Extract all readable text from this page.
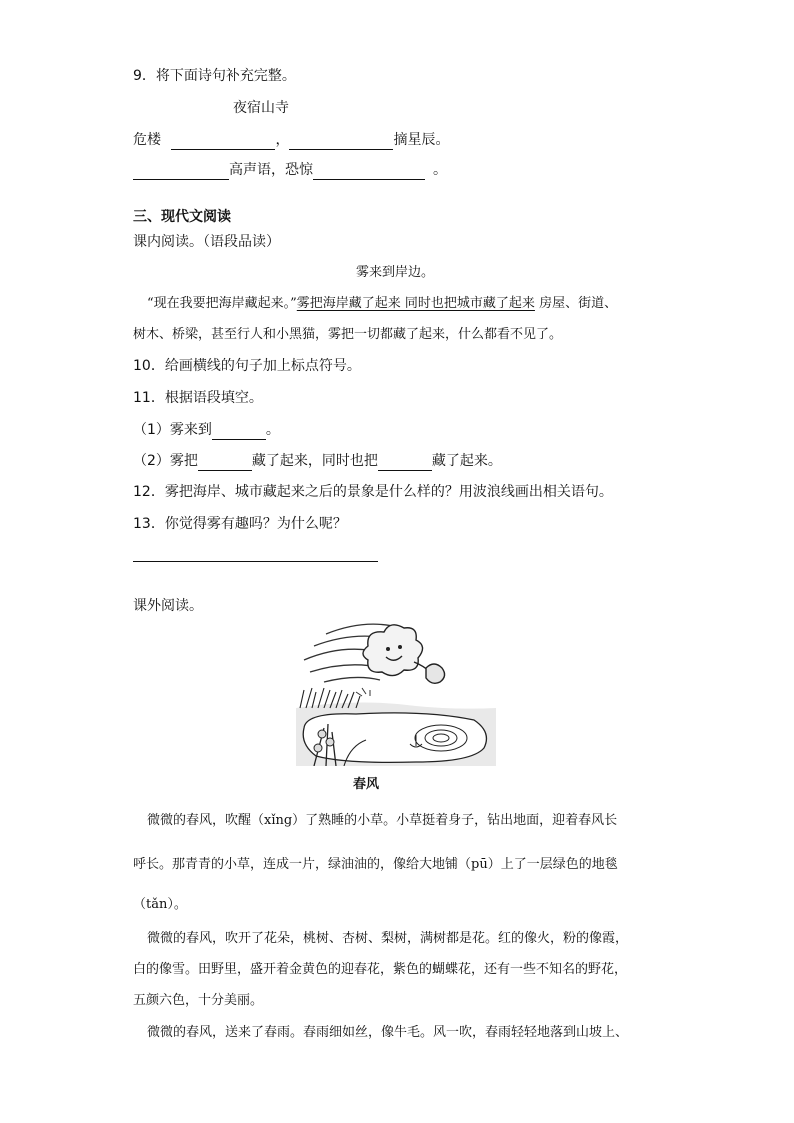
9．将下面诗句补充完整。
夜宿山寺
危楼	，	摘星辰。
高声语，恐惊	。
三、现代文阅读
课内阅读。（语段品读）
雾来到岸边。
“现在我要把海岸藏起来。”雾把海岸藏了起来 同时也把城市藏了起来 房屋、街道、
树木、桥梁，甚至行人和小黑猫，雾把一切都藏了起来，什么都看不见了。
10．给画横线的句子加上标点符号。
11．根据语段填空。
（1）雾来到	。
（2）雾把	藏了起来，同时也把	藏了起来。
12．雾把海岸、城市藏起来之后的景象是什么样的？用波浪线画出相关语句。
13．你觉得雾有趣吗？为什么呢？
课外阅读。
春风
微微的春风，吹醒（xǐng）了熟睡的小草。小草挺着身子，钻出地面，迎着春风长
呼长。那青青的小草，连成一片，绿油油的，像给大地铺（pū）上了一层绿色的地毯
（tǎn）。
微微的春风，吹开了花朵，桃树、杏树、梨树，满树都是花。红的像火，粉的像霞，
白的像雪。田野里，盛开着金黄色的迎春花，紫色的蝴蝶花，还有一些不知名的野花，
五颜六色，十分美丽。
微微的春风，送来了春雨。春雨细如丝，像牛毛。风一吹，春雨轻轻地落到山坡上、
